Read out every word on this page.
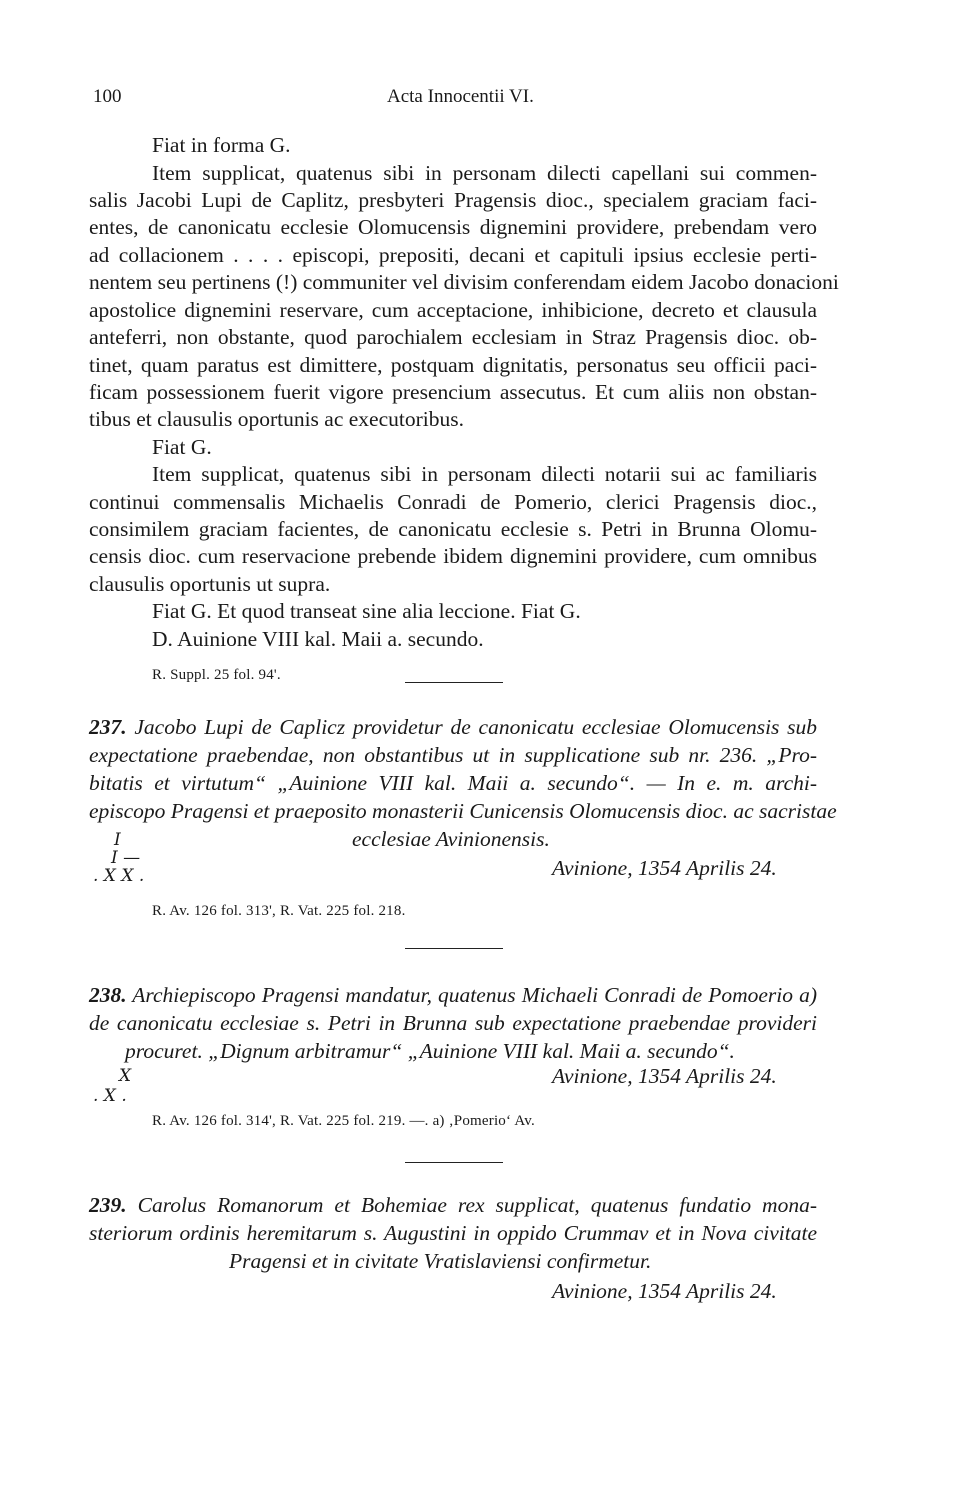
100	Acta Innocentii VI.
Fiat in forma G.
Item supplicat, quatenus sibi in personam dilecti capellani sui commen-
salis Jacobi Lupi de Caplitz, presbyteri Pragensis dioc., specialem graciam faci-
entes, de canonicatu ecclesie Olomucensis dignemini providere, prebendam vero
ad collacionem . . . . episcopi, prepositi, decani et capituli ipsius ecclesie perti-
nentem seu pertinens (!) communiter vel divisim conferendam eidem Jacobo donacioni
apostolice dignemini reservare, cum acceptacione, inhibicione, decreto et clausula
anteferri, non obstante, quod parochialem ecclesiam in Straz Pragensis dioc. ob-
tinet, quam paratus est dimittere, postquam dignitatis, personatus seu officii paci-
ficam possessionem fuerit vigore presencium assecutus. Et cum aliis non obstan-
tibus et clausulis oportunis ac executoribus.
Fiat G.
Item supplicat, quatenus sibi in personam dilecti notarii sui ac familiaris
continui commensalis Michaelis Conradi de Pomerio, clerici Pragensis dioc.,
consimilem graciam facientes, de canonicatu ecclesie s. Petri in Brunna Olomu-
censis dioc. cum reservacione prebende ibidem dignemini providere, cum omnibus
clausulis oportunis ut supra.
Fiat G. Et quod transeat sine alia leccione. Fiat G.
D. Auinione VIII kal. Maii a. secundo.
R. Suppl. 25 fol. 94'.
237. Jacobo Lupi de Caplicz providetur de canonicatu ecclesiae Olomucensis sub
expectatione praebendae, non obstantibus ut in supplicatione sub nr. 236. „Pro-
bitatis et virtutum“ „Auinione VIII kal. Maii a. secundo“. — In e. m. archi-
episcopo Pragensi et praeposito monasterii Cunicensis Olomucensis dioc. ac sacristae
ecclesiae Avinionensis.
I
I —
. X X .	Avinione, 1354 Aprilis 24.
R. Av. 126 fol. 313', R. Vat. 225 fol. 218.
238. Archiepiscopo Pragensi mandatur, quatenus Michaeli Conradi de Pomoerio a)
de canonicatu ecclesiae s. Petri in Brunna sub expectatione praebendae provideri
procuret. „Dignum arbitramur“ „Auinione VIII kal. Maii a. secundo“.
X
. X .
Avinione, 1354 Aprilis 24.
R. Av. 126 fol. 314', R. Vat. 225 fol. 219. —. a) ‚Pomerio‘ Av.
239. Carolus Romanorum et Bohemiae rex supplicat, quatenus fundatio mona-
steriorum ordinis heremitarum s. Augustini in oppido Crummav et in Nova civitate
Pragensi et in civitate Vratislaviensi confirmetur.
Avinione, 1354 Aprilis 24.
